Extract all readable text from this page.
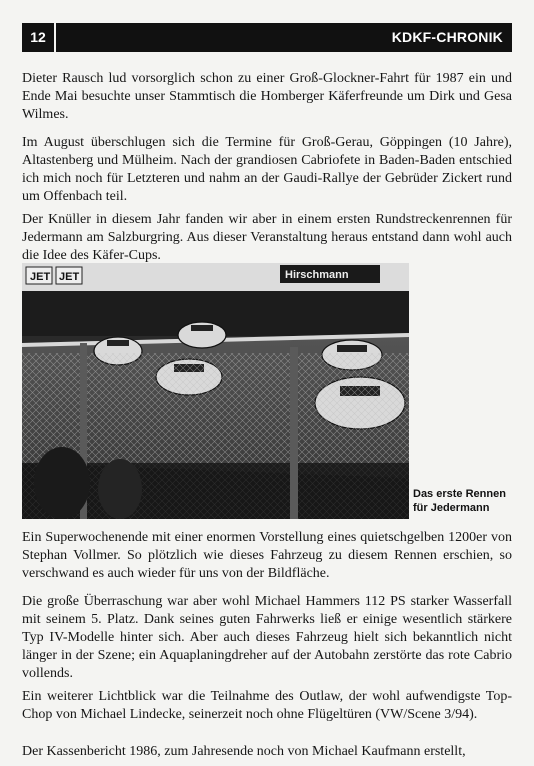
12	KDKF-CHRONIK

Dieter Rausch lud vorsorglich schon zu einer Groß-Glockner-Fahrt für 1987 ein und Ende Mai besuchte unser Stammtisch die Homberger Käferfreunde um Dirk und Gesa Wilmes.

Im August überschlugen sich die Termine für Groß-Gerau, Göppingen (10 Jahre), Altastenberg und Mülheim. Nach der grandiosen Cabriofete in Baden-Baden entschied ich mich noch für Letzteren und nahm an der Gaudi-Rallye der Gebrüder Zickert rund um Offenbach teil.

Der Knüller in diesem Jahr fanden wir aber in einem ersten Rundstreckenrennen für Jedermann am Salzburgring. Aus dieser Veranstaltung heraus entstand dann wohl auch die Idee des Käfer-Cups.

JET JET	Hirschmann
Das erste Rennen
für Jedermann

Ein Superwochenende mit einer enormen Vorstellung eines quietschgelben 1200er von Stephan Vollmer. So plötzlich wie dieses Fahrzeug zu diesem Rennen erschien, so verschwand es auch wieder für uns von der Bildfläche.

Die große Überraschung war aber wohl Michael Hammers 112 PS starker Wasserfall mit seinem 5. Platz. Dank seines guten Fahrwerks ließ er einige wesentlich stärkere Typ IV-Modelle hinter sich. Aber auch dieses Fahrzeug hielt sich bekanntlich nicht länger in der Szene; ein Aquaplaningdreher auf der Autobahn zerstörte das rote Cabrio vollends.

Ein weiterer Lichtblick war die Teilnahme des Outlaw, der wohl aufwendigste Top-Chop von Michael Lindecke, seinerzeit noch ohne Flügeltüren (VW/Scene 3/94).

Der Kassenbericht 1986, zum Jahresende noch von Michael Kaufmann erstellt,
